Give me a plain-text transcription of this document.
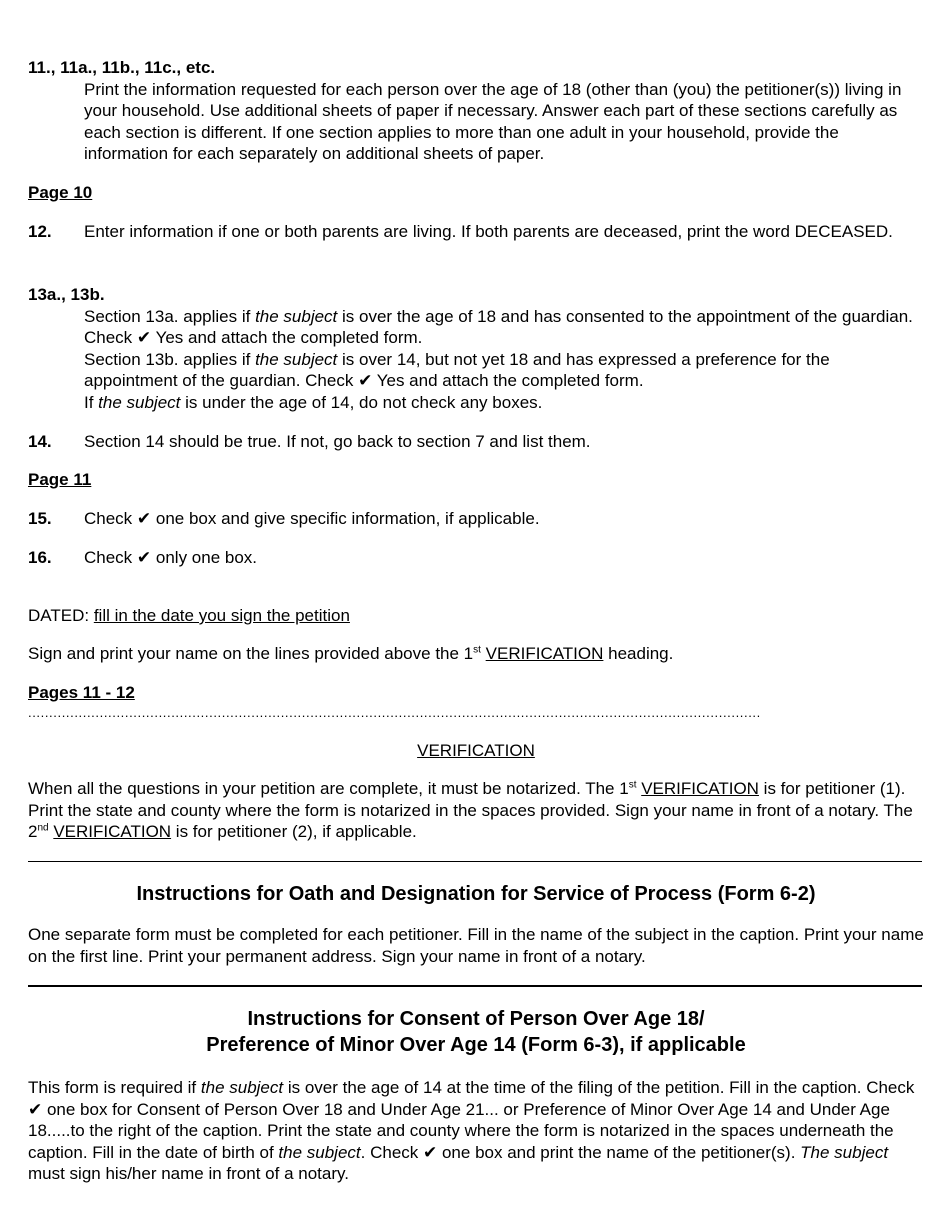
11., 11a., 11b., 11c., etc.
Print the information requested for each person over the age of 18 (other than (you) the petitioner(s)) living in your household. Use additional sheets of paper if necessary. Answer each part of these sections carefully as each section is different. If one section applies to more than one adult in your household, provide the information for each separately on additional sheets of paper.
Page 10
12. Enter information if one or both parents are living. If both parents are deceased, print the word DECEASED.
13a., 13b.
Section 13a. applies if the subject is over the age of 18 and has consented to the appointment of the guardian. Check ✔ Yes and attach the completed form.
Section 13b. applies if the subject is over 14, but not yet 18 and has expressed a preference for the appointment of the guardian. Check ✔ Yes and attach the completed form.
If the subject is under the age of 14, do not check any boxes.
14. Section 14 should be true. If not, go back to section 7 and list them.
Page 11
15. Check ✔ one box and give specific information, if applicable.
16. Check ✔ only one box.
DATED: fill in the date you sign the petition
Sign and print your name on the lines provided above the 1st VERIFICATION heading.
Pages 11 - 12
..............................................................................................................................................................................
VERIFICATION
When all the questions in your petition are complete, it must be notarized. The 1st VERIFICATION is for petitioner (1). Print the state and county where the form is notarized in the spaces provided. Sign your name in front of a notary. The 2nd VERIFICATION is for petitioner (2), if applicable.
Instructions for Oath and Designation for Service of Process (Form 6-2)
One separate form must be completed for each petitioner. Fill in the name of the subject in the caption. Print your name on the first line. Print your permanent address. Sign your name in front of a notary.
Instructions for Consent of Person Over Age 18/
Preference of Minor Over Age 14 (Form 6-3), if applicable
This form is required if the subject is over the age of 14 at the time of the filing of the petition. Fill in the caption. Check ✔ one box for Consent of Person Over 18 and Under Age 21... or Preference of Minor Over Age 14 and Under Age 18.....to the right of the caption. Print the state and county where the form is notarized in the spaces underneath the caption. Fill in the date of birth of the subject. Check ✔ one box and print the name of the petitioner(s). The subject must sign his/her name in front of a notary.
